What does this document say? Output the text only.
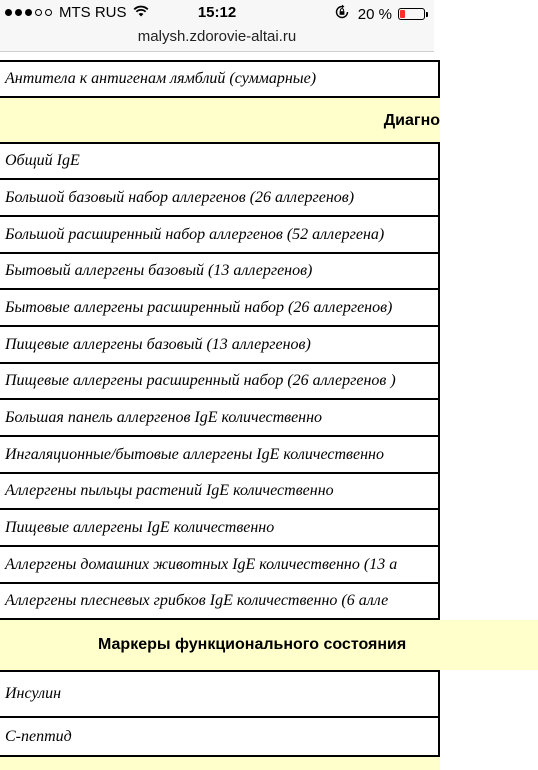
MTS RUS	15:12	20 %
malysh.zdorovie-altai.ru
Антитела к антигенам лямблий (суммарные)
Диагно
Общий IgE
Большой базовый набор аллергенов (26 аллергенов)
Большой расширенный набор аллергенов (52 аллергена)
Бытовый аллергены базовый (13 аллергенов)
Бытовые аллергены расширенный набор (26 аллергенов)
Пищевые аллергены базовый (13 аллергенов)
Пищевые аллергены расширенный набор (26 аллергенов )
Большая панель аллергенов IgE количественно
Ингаляционные/бытовые аллергены IgE количественно
Аллергены пыльцы растений IgE количественно
Пищевые аллергены IgE количественно
Аллергены домашних животных IgE количественно (13 а
Аллергены плесневых грибков IgE количественно (6 алле
Маркеры функционального состояния
Инсулин
С-пептид
